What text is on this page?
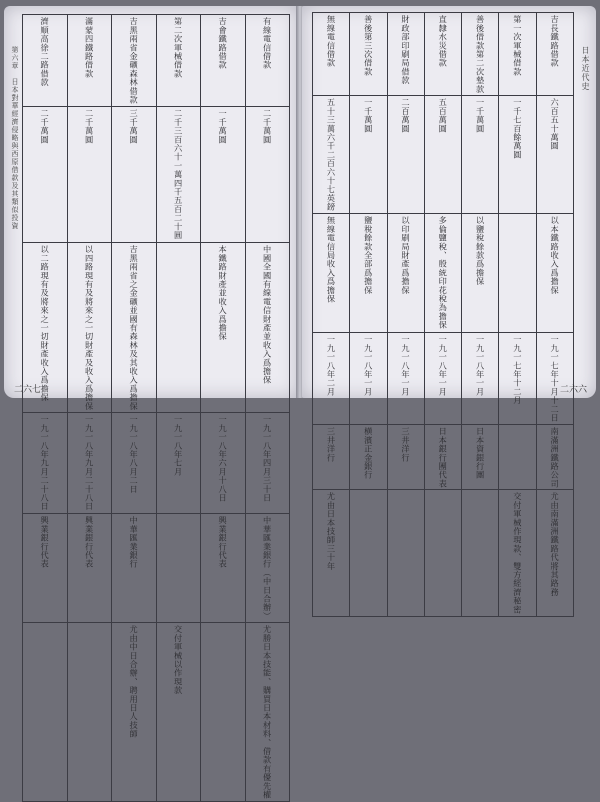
第六章　日本對華經濟侵略與西原借款及其類似投資	濟順高徐二路借款	滿蒙四鐵路借款	吉黑兩省金礦森林借款	第二次軍械借款	吉會鐵路借款	有線電信借款

二千萬圓	二千萬圓	三千萬圓	二千三百六十一萬四千五百二十圓	一千萬圓	二千萬圓

以二路現有及將來之一切財產收入爲擔保	以四路現有及將來之一切財產及收入爲擔保	吉黑兩省之金礦並國有森林及其收入爲擔保		本鐵路財產並收入爲擔保	中國全國有線電信財產並收入爲擔保

一九一八年九月二十八日	一九一八年九月二十八日	一九一八年八月二日	一九一八年七月	一九一八年六月十八日	一九一八年四月三十日

興業銀行代表	興業銀行代表	中華匯業銀行		興業銀行代表	中華匯業銀行（中日合辦）

		尤由中日合辦、聘用日人技師	交付軍械以作現款		尤勝日本技能、購買日本材料、借款有優先權
二六七
無線電信借款	善後第三次借款	財政部印刷局借款	直隸水災借款	善後借款第二次墊款	第一次軍械借款	吉長鐵路借款

五十三萬六千二百六十七英鎊	一千萬圓	二百萬圓	五百萬圓	一千萬圓	一千七百餘萬圓	六百五十萬圓

無線電信局收入爲擔保	鹽稅餘款全部爲擔保	以印刷局財產爲擔保	多倫鹽稅、殷統印花稅為擔保	以鹽稅餘款爲擔保		以本鐵路收入爲擔保

一九一八年二月	一九一八年一月	一九一八年一月	一九一八年一月	一九一八年一月	一九一七年十二月	一九一七年十月十二日

三井洋行	横濱正金銀行	三井洋行	日本銀行團代表	日本資銀行團		南滿洲鐵路公司

尤由日本技師三十年					交付軍械作現款、雙方經濟秘密	尤由南滿洲鐵路代將其路務
日本近代史
二六六
